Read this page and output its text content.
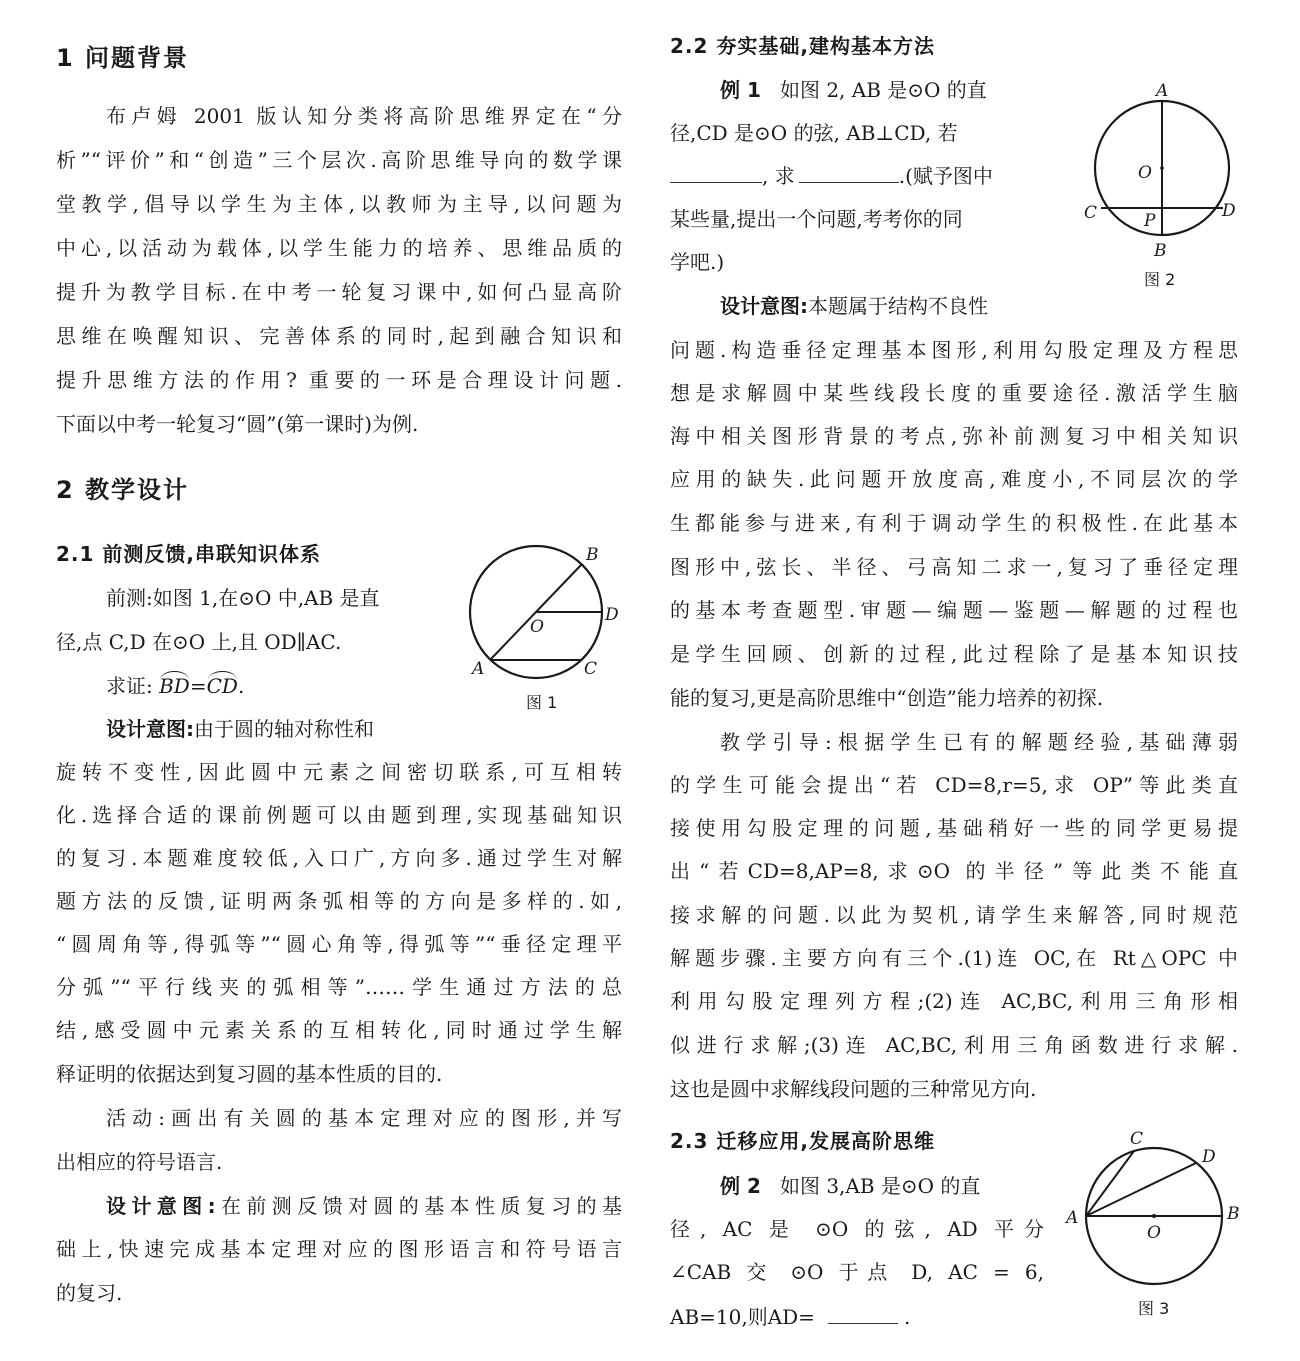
1 问题背景
布卢姆 2001 版认知分类将高阶思维界定在“分
析”“评价”和“创造”三个层次.高阶思维导向的数学课
堂教学,倡导以学生为主体,以教师为主导,以问题为
中心,以活动为载体,以学生能力的培养、思维品质的
提升为教学目标.在中考一轮复习课中,如何凸显高阶
思维在唤醒知识、完善体系的同时,起到融合知识和
提升思维方法的作用? 重要的一环是合理设计问题.
下面以中考一轮复习“圆”(第一课时)为例.
2 教学设计
2.1 前测反馈,串联知识体系
前测:如图 1,在⊙O 中,AB 是直
径,点 C,D 在⊙O 上,且 OD∥AC.
求证: BD=CD.
设计意图:由于圆的轴对称性和
旋转不变性,因此圆中元素之间密切联系,可互相转
化.选择合适的课前例题可以由题到理,实现基础知识
的复习.本题难度较低,入口广,方向多.通过学生对解
题方法的反馈,证明两条弧相等的方向是多样的.如,
“圆周角等,得弧等”“圆心角等,得弧等”“垂径定理平
分弧”“平行线夹的弧相等”……学生通过方法的总
结,感受圆中元素关系的互相转化,同时通过学生解
释证明的依据达到复习圆的基本性质的目的.
活动:画出有关圆的基本定理对应的图形,并写
出相应的符号语言.
设计意图:在前测反馈对圆的基本性质复习的基
础上,快速完成基本定理对应的图形语言和符号语言
的复习.
B
D
O
A	C
图 1
2.2 夯实基础,建构基本方法
例 1 如图 2, AB 是⊙O 的直
径,CD 是⊙O 的弦, AB⊥CD, 若
, 求	.(赋予图中
某些量,提出一个问题,考考你的同
学吧.)
设计意图:本题属于结构不良性
问题.构造垂径定理基本图形,利用勾股定理及方程思
想是求解圆中某些线段长度的重要途径.激活学生脑
海中相关图形背景的考点,弥补前测复习中相关知识
应用的缺失.此问题开放度高,难度小,不同层次的学
生都能参与进来,有利于调动学生的积极性.在此基本
图形中,弦长、半径、弓高知二求一,复习了垂径定理
的基本考查题型.审题—编题—鉴题—解题的过程也
是学生回顾、创新的过程,此过程除了是基本知识技
能的复习,更是高阶思维中“创造”能力培养的初探.
教学引导:根据学生已有的解题经验,基础薄弱
的学生可能会提出“若 CD=8,r=5,求 OP”等此类直
接使用勾股定理的问题,基础稍好一些的同学更易提
出“若CD=8,AP=8,求⊙O 的半径”等此类不能直
接求解的问题.以此为契机,请学生来解答,同时规范
解题步骤.主要方向有三个.(1)连 OC,在 Rt△OPC 中
利用勾股定理列方程;(2)连 AC,BC,利用三角形相
似进行求解;(3)连 AC,BC,利用三角函数进行求解.
这也是圆中求解线段问题的三种常见方向.
2.3 迁移应用,发展高阶思维
例 2 如图 3,AB 是⊙O 的直
径, AC 是 ⊙O 的弦, AD 平分
∠CAB 交 ⊙O 于点 D, AC = 6,
AB=10,则AD=	.
A
O
C	P	D
B
图 2
C
D
A	B
O
图 3
